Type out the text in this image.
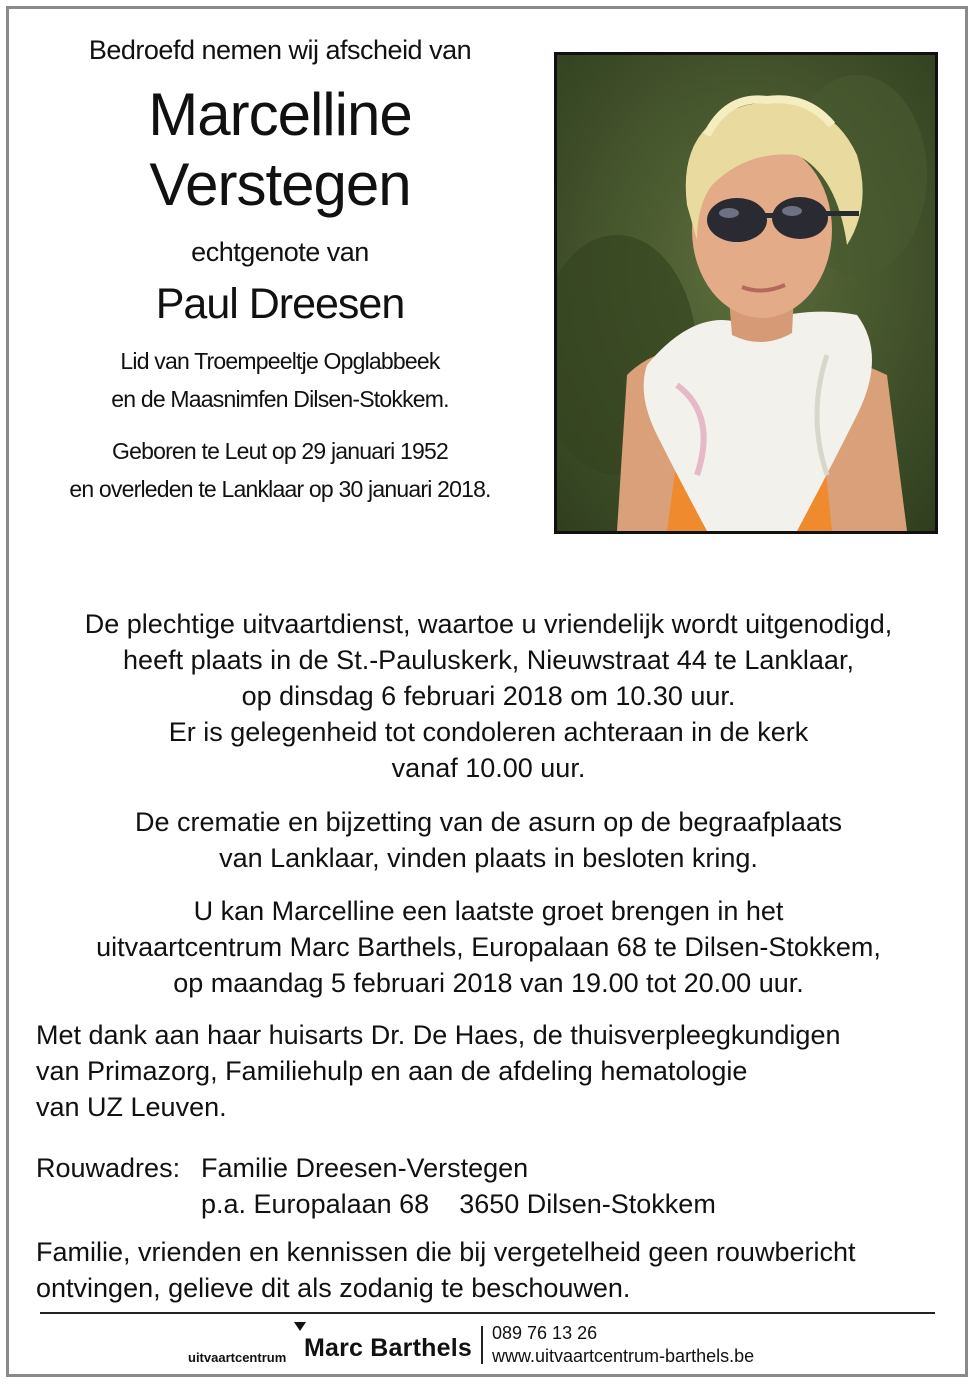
Bedroefd nemen wij afscheid van
Marcelline
Verstegen
echtgenote van
Paul Dreesen
Lid van Troempeeltje Opglabbeek
en de Maasnimfen Dilsen-Stokkem.
Geboren te Leut op 29 januari 1952
en overleden te Lanklaar op 30 januari 2018.
De plechtige uitvaartdienst, waartoe u vriendelijk wordt uitgenodigd,
heeft plaats in de St.-Pauluskerk, Nieuwstraat 44 te Lanklaar,
op dinsdag 6 februari 2018 om 10.30 uur.
Er is gelegenheid tot condoleren achteraan in de kerk
vanaf 10.00 uur.
De crematie en bijzetting van de asurn op de begraafplaats
van Lanklaar, vinden plaats in besloten kring.
U kan Marcelline een laatste groet brengen in het
uitvaartcentrum Marc Barthels, Europalaan 68 te Dilsen-Stokkem,
op maandag 5 februari 2018 van 19.00 tot 20.00 uur.
Met dank aan haar huisarts Dr. De Haes, de thuisverpleegkundigen
van Primazorg, Familiehulp en aan de afdeling hematologie
van UZ Leuven.
Rouwadres: Familie Dreesen-Verstegen
p.a. Europalaan 68 3650 Dilsen-Stokkem
Familie, vrienden en kennissen die bij vergetelheid geen rouwbericht
ontvingen, gelieve dit als zodanig te beschouwen.
uitvaartcentrum Marc Barthels
089 76 13 26
www.uitvaartcentrum-barthels.be
